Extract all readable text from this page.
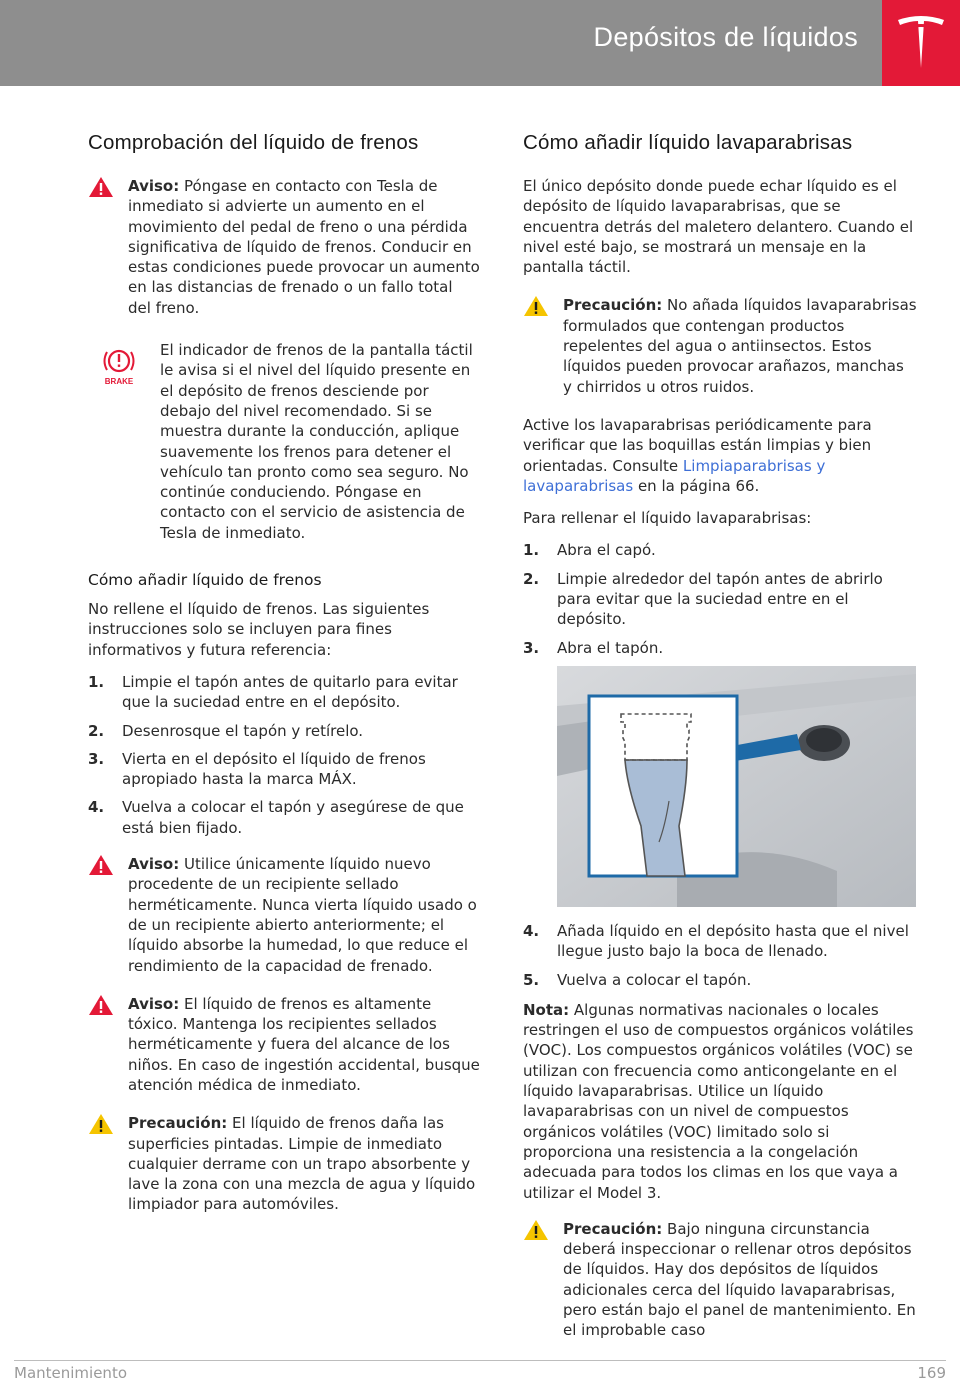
Depósitos de líquidos
Comprobación del líquido de frenos
Aviso: Póngase en contacto con Tesla de inmediato si advierte un aumento en el movimiento del pedal de freno o una pérdida significativa de líquido de frenos. Conducir en estas condiciones puede provocar un aumento en las distancias de frenado o un fallo total del freno.
BRAKE
El indicador de frenos de la pantalla táctil le avisa si el nivel del líquido presente en el depósito de frenos desciende por debajo del nivel recomendado. Si se muestra durante la conducción, aplique suavemente los frenos para detener el vehículo tan pronto como sea seguro. No continúe conduciendo. Póngase en contacto con el servicio de asistencia de Tesla de inmediato.
Cómo añadir líquido de frenos

No rellene el líquido de frenos. Las siguientes instrucciones solo se incluyen para fines informativos y futura referencia:

1. Limpie el tapón antes de quitarlo para evitar que la suciedad entre en el depósito.
2. Desenrosque el tapón y retírelo.
3. Vierta en el depósito el líquido de frenos apropiado hasta la marca MÁX.
4. Vuelva a colocar el tapón y asegúrese de que está bien fijado.
Aviso: Utilice únicamente líquido nuevo procedente de un recipiente sellado herméticamente. Nunca vierta líquido usado o de un recipiente abierto anteriormente; el líquido absorbe la humedad, lo que reduce el rendimiento de la capacidad de frenado.
Aviso: El líquido de frenos es altamente tóxico. Mantenga los recipientes sellados herméticamente y fuera del alcance de los niños. En caso de ingestión accidental, busque atención médica de inmediato.
Precaución: El líquido de frenos daña las superficies pintadas. Limpie de inmediato cualquier derrame con un trapo absorbente y lave la zona con una mezcla de agua y líquido limpiador para automóviles.
Cómo añadir líquido lavaparabrisas

El único depósito donde puede echar líquido es el depósito de líquido lavaparabrisas, que se encuentra detrás del maletero delantero. Cuando el nivel esté bajo, se mostrará un mensaje en la pantalla táctil.

Precaución: No añada líquidos lavaparabrisas formulados que contengan productos repelentes del agua o antiinsectos. Estos líquidos pueden provocar arañazos, manchas y chirridos u otros ruidos.

Active los lavaparabrisas periódicamente para verificar que las boquillas están limpias y bien orientadas. Consulte Limpiaparabrisas y lavaparabrisas en la página 66.

Para rellenar el líquido lavaparabrisas:

1. Abra el capó.
2. Limpie alrededor del tapón antes de abrirlo para evitar que la suciedad entre en el depósito.
3. Abra el tapón.
4. Añada líquido en el depósito hasta que el nivel llegue justo bajo la boca de llenado.
5. Vuelva a colocar el tapón.

Nota: Algunas normativas nacionales o locales restringen el uso de compuestos orgánicos volátiles (VOC). Los compuestos orgánicos volátiles (VOC) se utilizan con frecuencia como anticongelante en el líquido lavaparabrisas. Utilice un líquido lavaparabrisas con un nivel de compuestos orgánicos volátiles (VOC) limitado solo si proporciona una resistencia a la congelación adecuada para todos los climas en los que vaya a utilizar el Model 3.

Precaución: Bajo ninguna circunstancia deberá inspeccionar o rellenar otros depósitos de líquidos. Hay dos depósitos de líquidos adicionales cerca del líquido lavaparabrisas, pero están bajo el panel de mantenimiento. En el improbable caso
Mantenimiento	169
